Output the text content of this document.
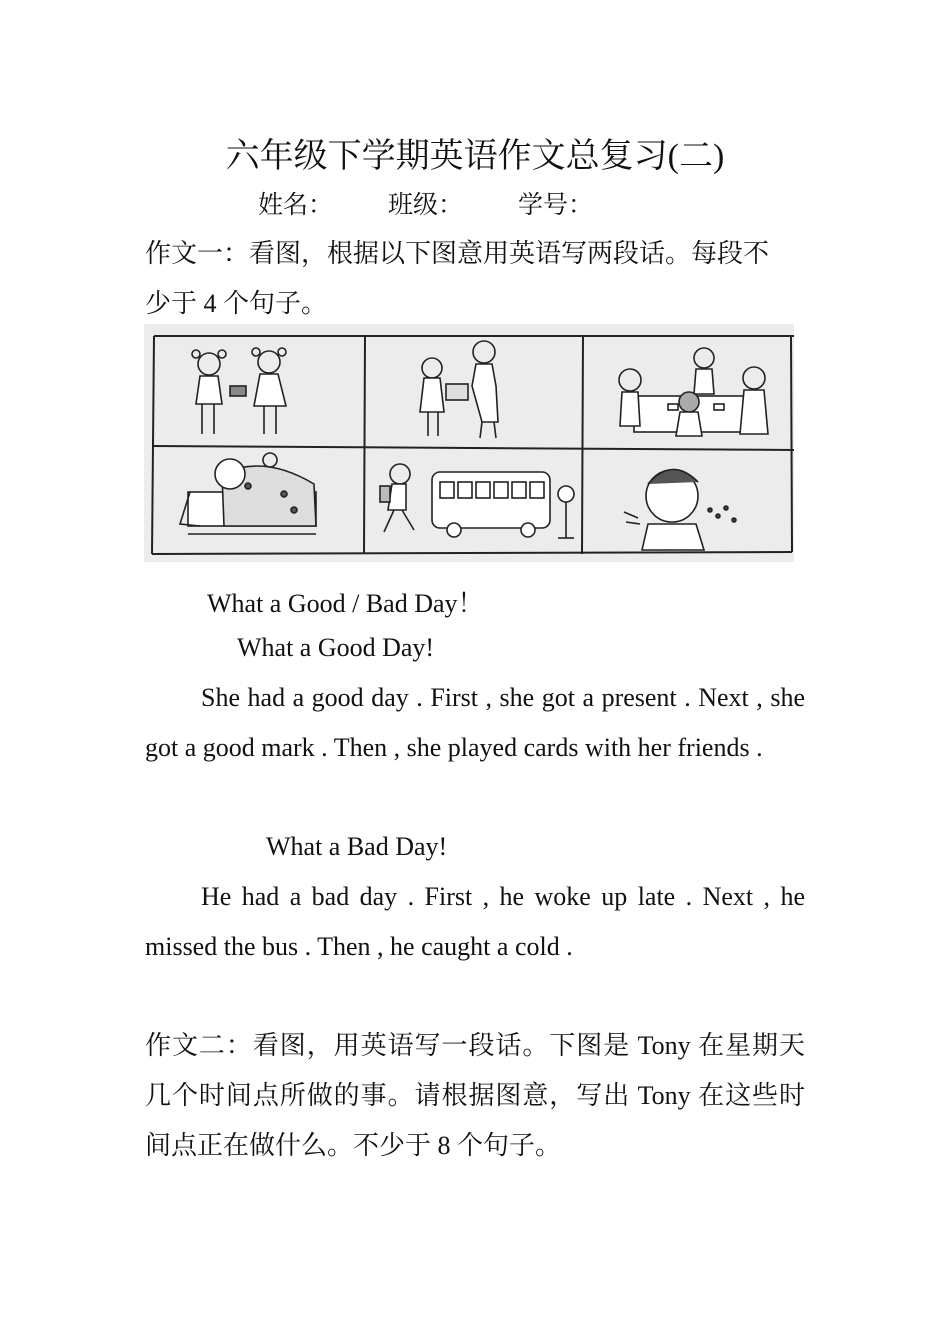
六年级下学期英语作文总复习(二)
姓名： 班级： 学号：
作文一：看图，根据以下图意用英语写两段话。每段不
少于 4 个句子。
What a Good / Bad Day！
What a Good Day!
She had a good day . First , she got a present . Next , she got a good mark . Then , she played cards with her friends .
What a Bad Day!
He had a bad day . First , he woke up late . Next , he missed the bus . Then , he caught a cold .
作文二：看图，用英语写一段话。下图是 Tony 在星期天几个时间点所做的事。请根据图意，写出 Tony 在这些时间点正在做什么。不少于 8 个句子。
